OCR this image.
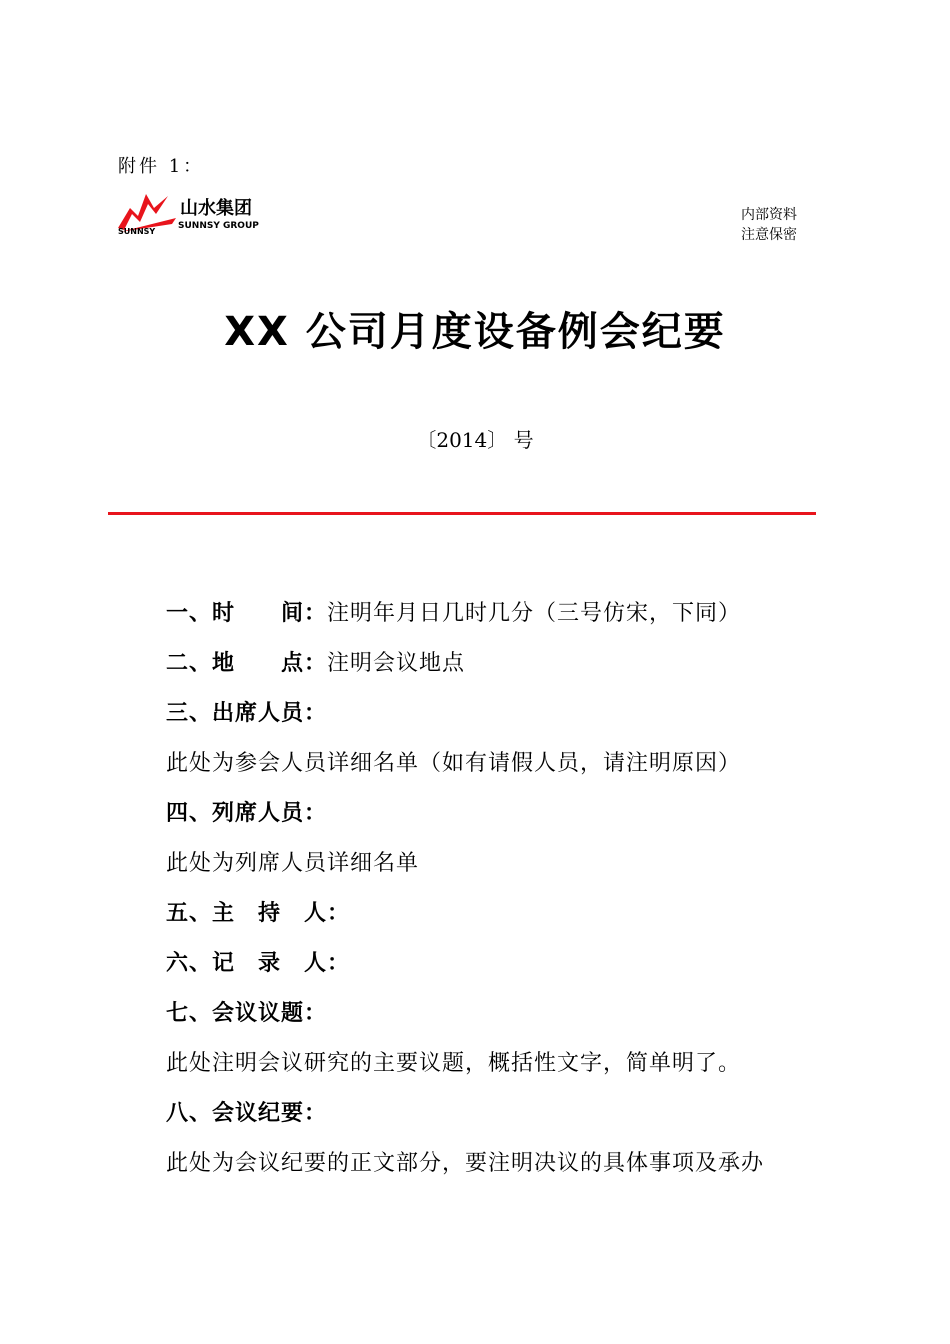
附件 1：
山水集团
SUNNSY
SUNNSY GROUP
内部资料
注意保密
XX 公司月度设备例会纪要
〔2014〕 号
一、时　　间：注明年月日几时几分（三号仿宋，下同）
二、地　　点：注明会议地点
三、出席人员：
此处为参会人员详细名单（如有请假人员，请注明原因）
四、列席人员：
此处为列席人员详细名单
五、主　持　人：
六、记　录　人：
七、会议议题：
此处注明会议研究的主要议题，概括性文字，简单明了。
八、会议纪要：
此处为会议纪要的正文部分，要注明决议的具体事项及承办
